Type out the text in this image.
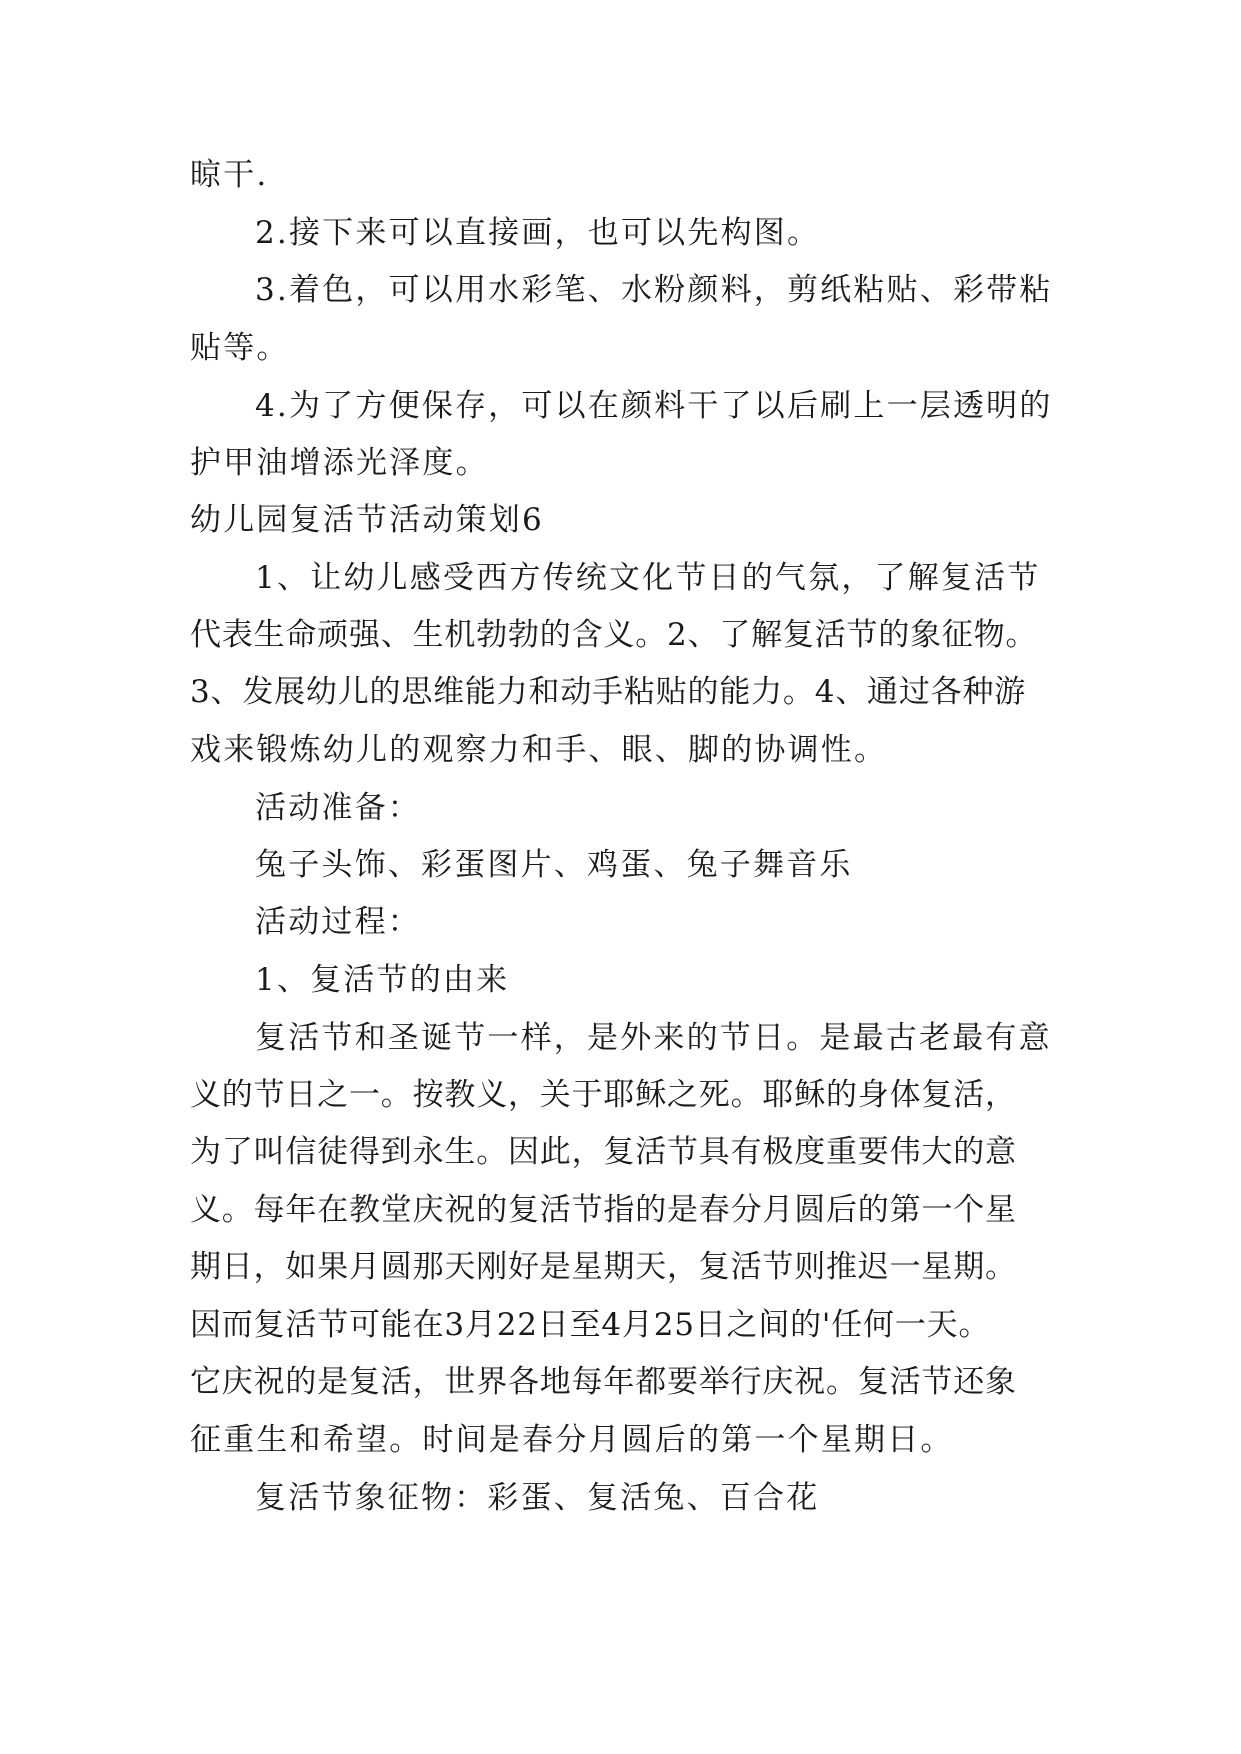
晾干.
2.接下来可以直接画，也可以先构图。
3.着色，可以用水彩笔、水粉颜料，剪纸粘贴、彩带粘
贴等。
4.为了方便保存，可以在颜料干了以后刷上一层透明的
护甲油增添光泽度。
幼儿园复活节活动策划6
1、让幼儿感受西方传统文化节日的气氛，了解复活节
代表生命顽强、生机勃勃的含义。2、了解复活节的象征物。
3、发展幼儿的思维能力和动手粘贴的能力。4、通过各种游
戏来锻炼幼儿的观察力和手、眼、脚的协调性。
活动准备：
兔子头饰、彩蛋图片、鸡蛋、兔子舞音乐
活动过程：
1、复活节的由来
复活节和圣诞节一样，是外来的节日。是最古老最有意
义的节日之一。按教义，关于耶稣之死。耶稣的身体复活，
为了叫信徒得到永生。因此，复活节具有极度重要伟大的意
义。每年在教堂庆祝的复活节指的是春分月圆后的第一个星
期日，如果月圆那天刚好是星期天，复活节则推迟一星期。
因而复活节可能在3月22日至4月25日之间的'任何一天。
它庆祝的是复活，世界各地每年都要举行庆祝。复活节还象
征重生和希望。时间是春分月圆后的第一个星期日。
复活节象征物：彩蛋、复活兔、百合花
